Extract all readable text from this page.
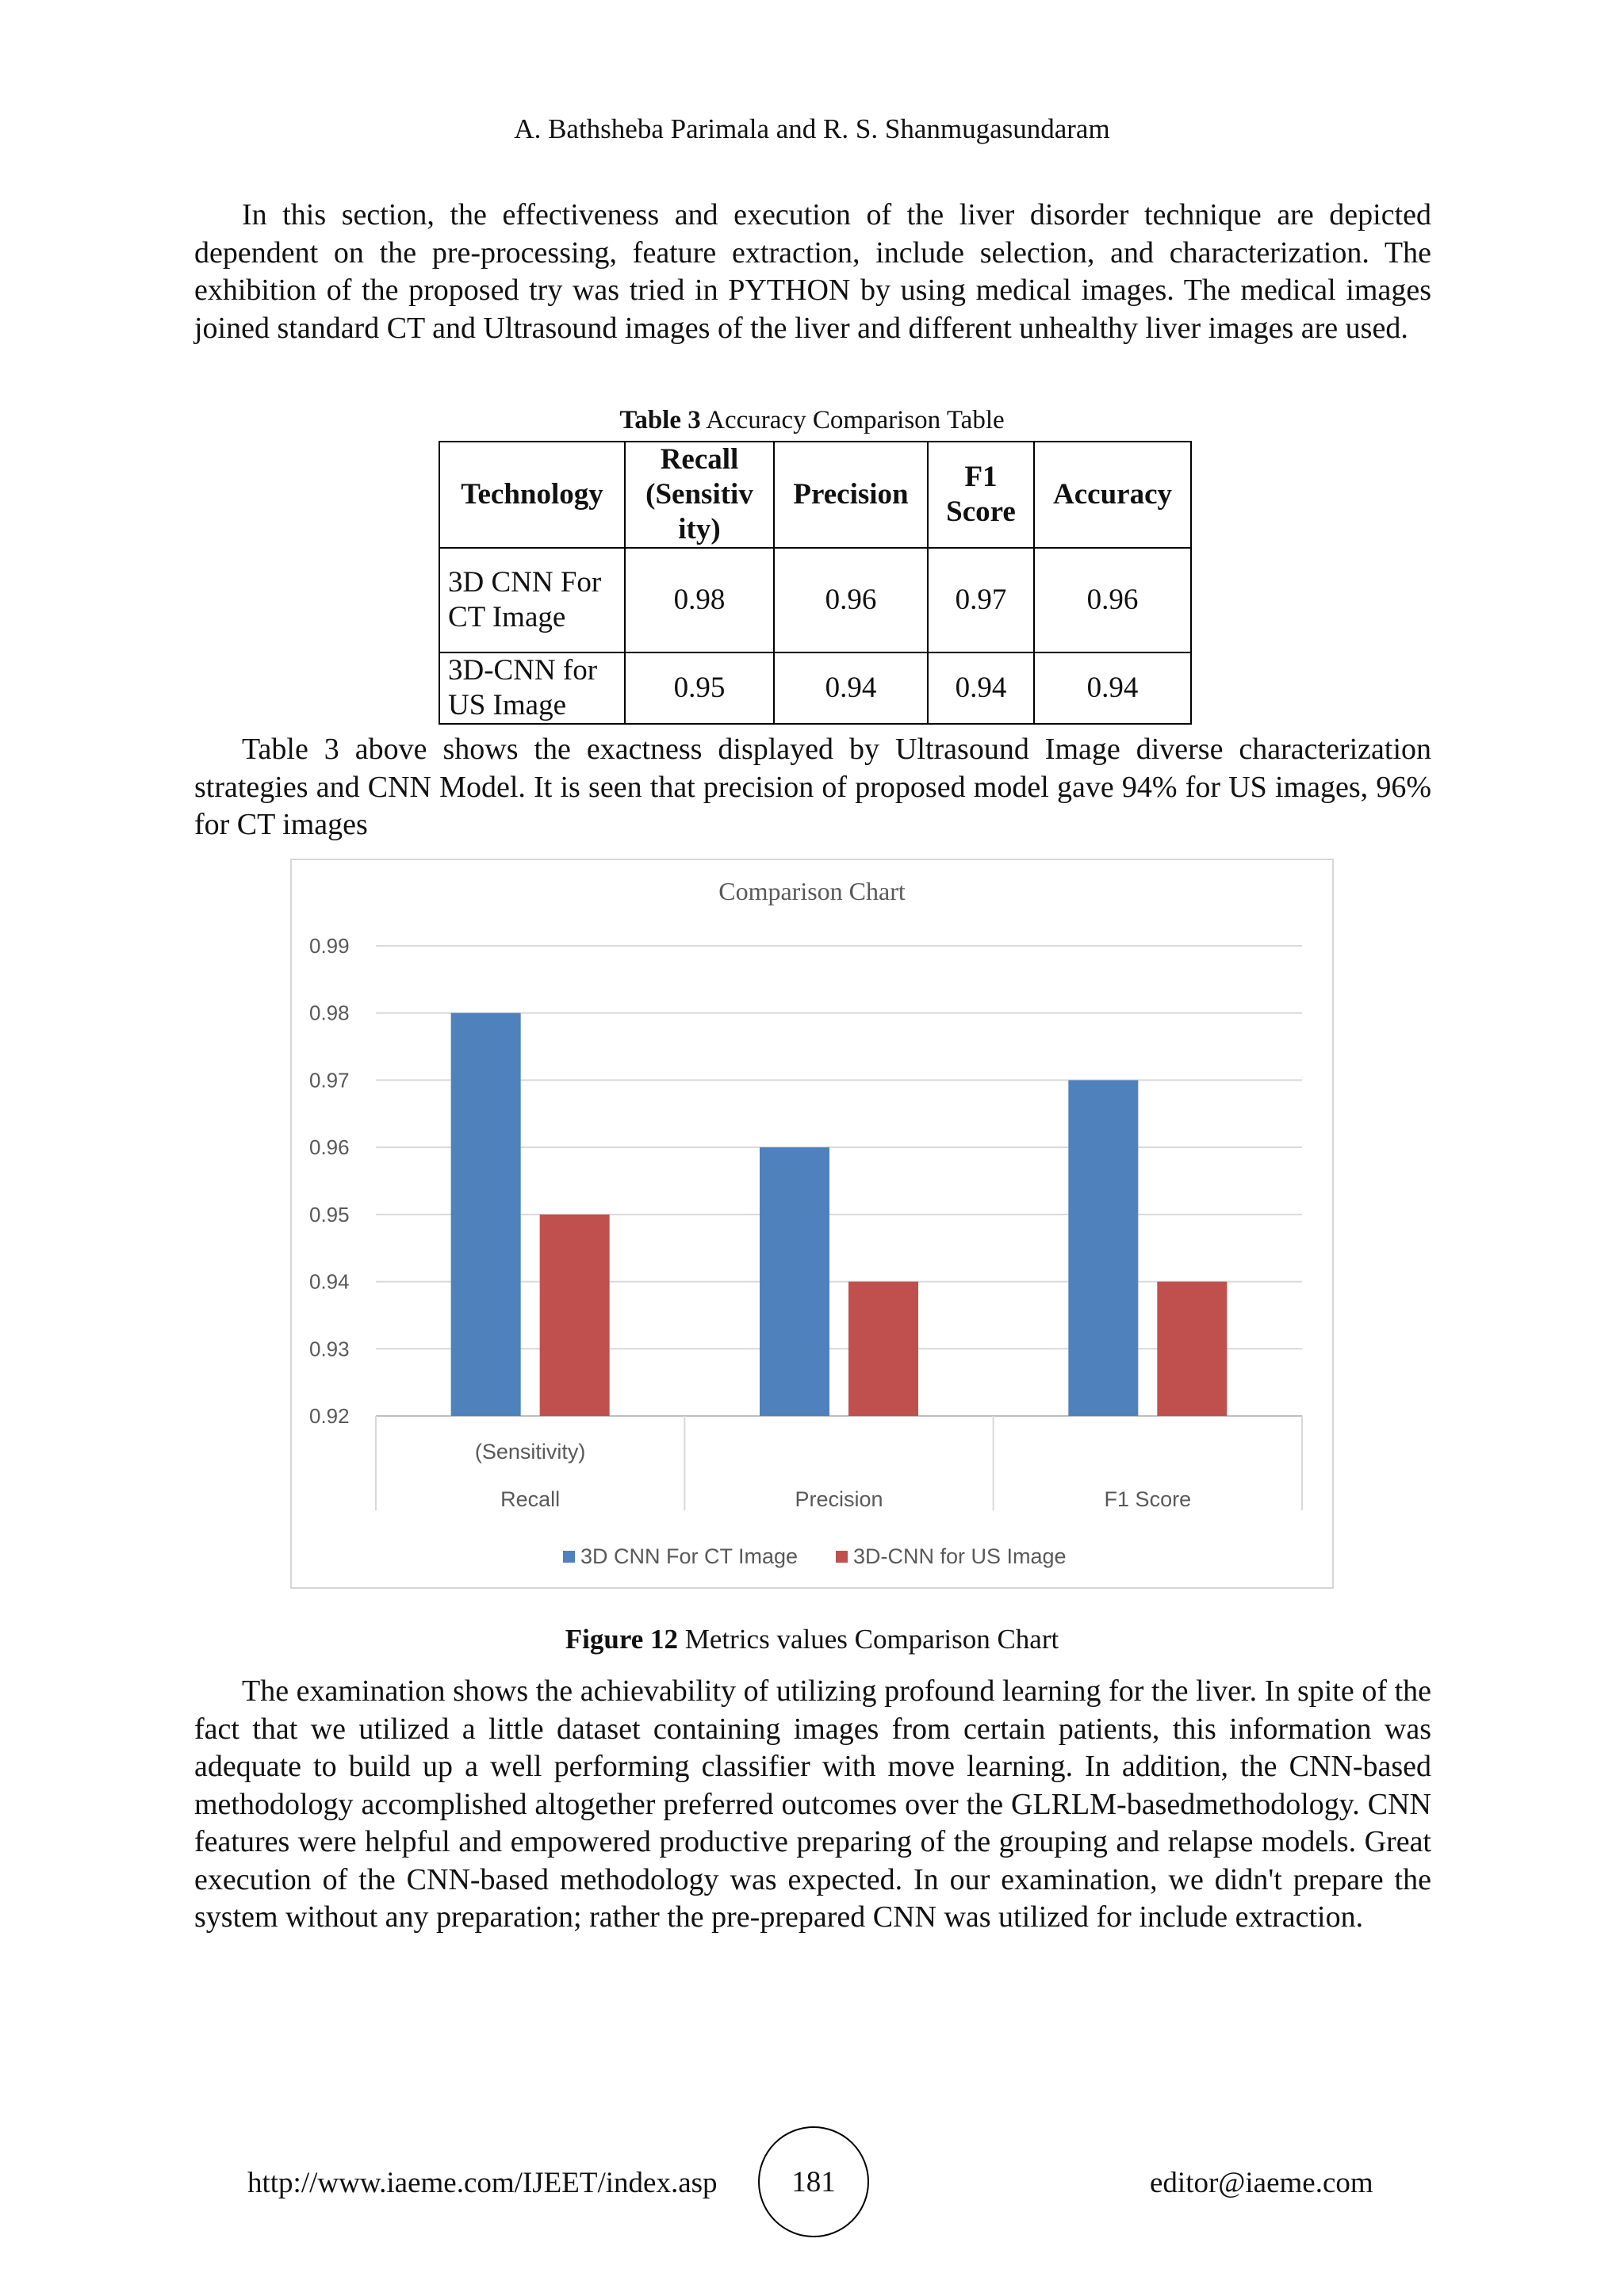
A. Bathsheba Parimala and R. S. Shanmugasundaram

In this section, the effectiveness and execution of the liver disorder technique are depicted dependent on the pre-processing, feature extraction, include selection, and characterization. The exhibition of the proposed try was tried in PYTHON by using medical images. The medical images joined standard CT and Ultrasound images of the liver and different unhealthy liver images are used.

Table 3 Accuracy Comparison Table
Technology	Recall (Sensitiv ity)	Precision	F1 Score	Accuracy
3D CNN For CT Image	0.98	0.96	0.97	0.96
3D-CNN for US Image	0.95	0.94	0.94	0.94

Table 3 above shows the exactness displayed by Ultrasound Image diverse characterization strategies and CNN Model. It is seen that precision of proposed model gave 94% for US images, 96% for CT images

Comparison Chart
0.92
0.93
0.94
0.95
0.96
0.97
0.98
0.99
(Sensitivity)
Recall	Precision	F1 Score
3D CNN For CT Image	3D-CNN for US Image
Figure 12 Metrics values Comparison Chart

The examination shows the achievability of utilizing profound learning for the liver. In spite of the fact that we utilized a little dataset containing images from certain patients, this information was adequate to build up a well performing classifier with move learning. In addition, the CNN-based methodology accomplished altogether preferred outcomes over the GLRLM-basedmethodology. CNN features were helpful and empowered productive preparing of the grouping and relapse models. Great execution of the CNN-based methodology was expected. In our examination, we didn't prepare the system without any preparation; rather the pre-prepared CNN was utilized for include extraction.

http://www.iaeme.com/IJEET/index.asp	181	editor@iaeme.com
